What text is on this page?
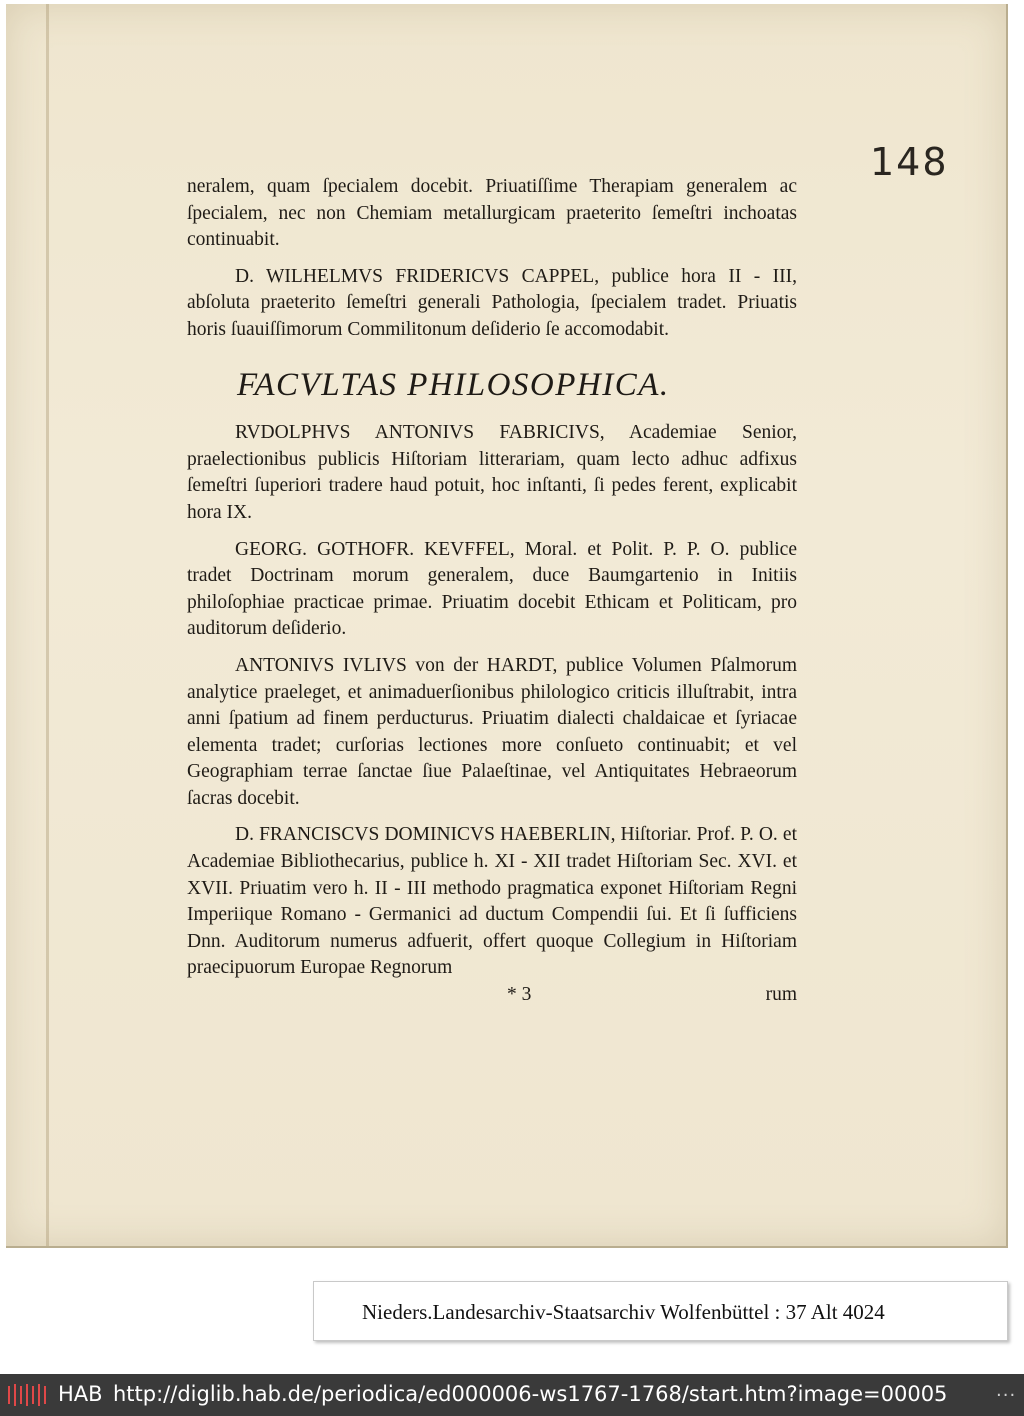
148

neralem, quam ſpecialem docebit. Priuatiſſime Therapiam generalem ac ſpecialem, nec non Chemiam metallurgicam praeterito ſemeſtri inchoatas continuabit.

D. WILHELMVS FRIDERICVS CAPPEL, publice hora II - III, abſoluta praeterito ſemeſtri generali Pathologia, ſpecialem tradet. Priuatis horis ſuauiſſimorum Commilitonum deſiderio ſe accomodabit.

FACVLTAS PHILOSOPHICA.

RVDOLPHVS ANTONIVS FABRICIVS, Academiae Senior, praelectionibus publicis Hiſtoriam litterariam, quam lecto adhuc adfixus ſemeſtri ſuperiori tradere haud potuit, hoc inſtanti, ſi pedes ferent, explicabit hora IX.

GEORG. GOTHOFR. KEVFFEL, Moral. et Polit. P. P. O. publice tradet Doctrinam morum generalem, duce Baumgartenio in Initiis philoſophiae practicae primae. Priuatim docebit Ethicam et Politicam, pro auditorum deſiderio.

ANTONIVS IVLIVS von der HARDT, publice Volumen Pſalmorum analytice praeleget, et animaduerſionibus philologico criticis illuſtrabit, intra anni ſpatium ad finem perducturus. Priuatim dialecti chaldaicae et ſyriacae elementa tradet; curſorias lectiones more conſueto continuabit; et vel Geographiam terrae ſanctae ſiue Palaeſtinae, vel Antiquitates Hebraeorum ſacras docebit.

D. FRANCISCVS DOMINICVS HAEBERLIN, Hiſtoriar. Prof. P. O. et Academiae Bibliothecarius, publice h. XI - XII tradet Hiſtoriam Sec. XVI. et XVII. Priuatim vero h. II - III methodo pragmatica exponet Hiſtoriam Regni Imperiique Romano - Germanici ad ductum Compendii ſui. Et ſi ſufficiens Dnn. Auditorum numerus adfuerit, offert quoque Collegium in Hiſtoriam praecipuorum Europae Regnorum

* 3	rum
Nieders.Landesarchiv-Staatsarchiv Wolfenbüttel : 37 Alt 4024
HAB http://diglib.hab.de/periodica/ed000006-ws1767-1768/start.htm?image=00005	...
